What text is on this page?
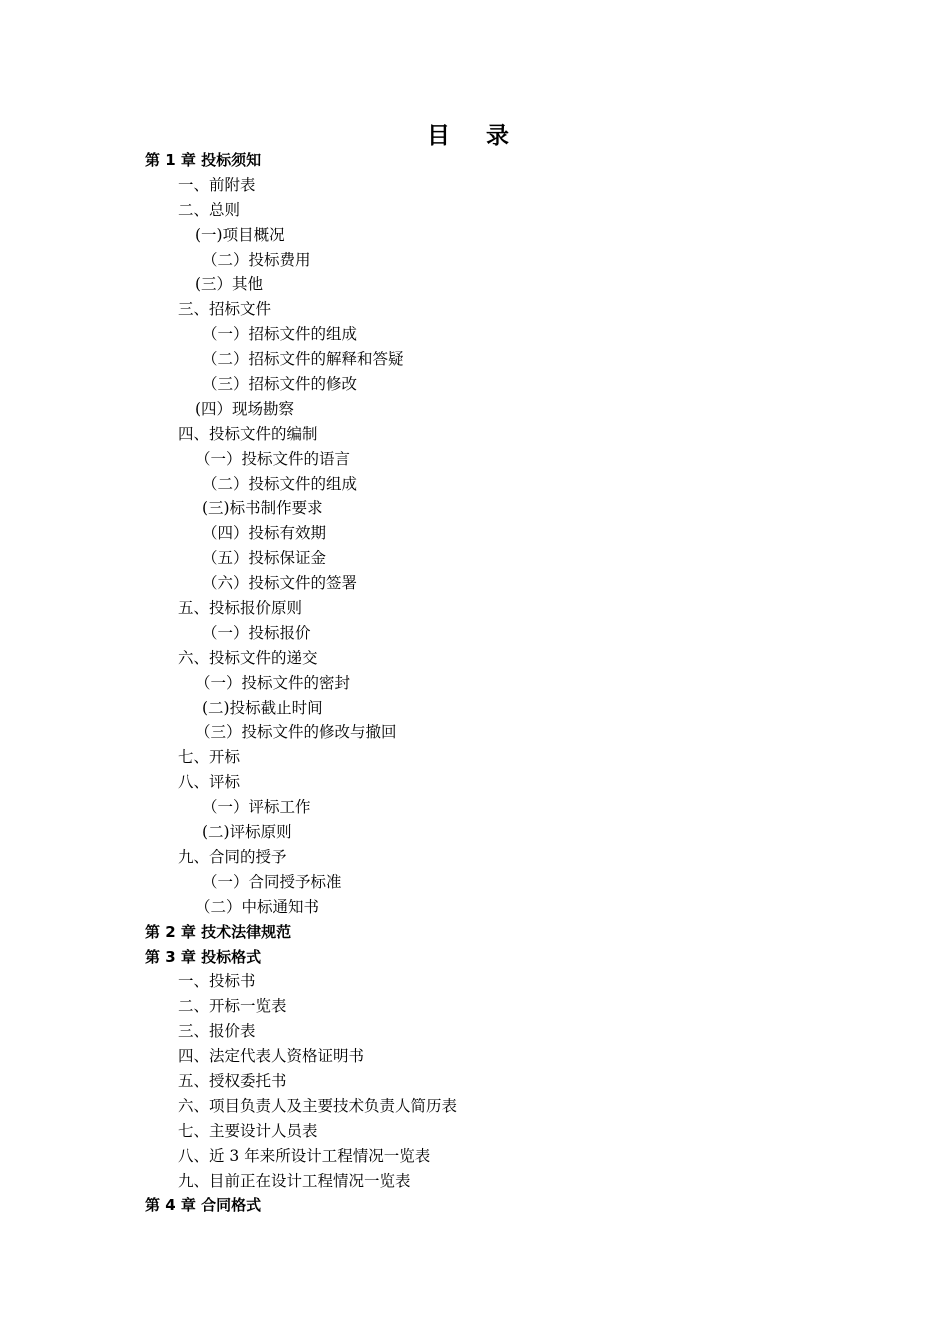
目 录
第 1 章 投标须知
一、前附表
二、总则
(一)项目概况
（二）投标费用
(三）其他
三、招标文件
（一）招标文件的组成
（二）招标文件的解释和答疑
（三）招标文件的修改
(四）现场勘察
四、投标文件的编制
（一）投标文件的语言
（二）投标文件的组成
(三)标书制作要求
（四）投标有效期
（五）投标保证金
（六）投标文件的签署
五、投标报价原则
（一）投标报价
六、投标文件的递交
（一）投标文件的密封
(二)投标截止时间
（三）投标文件的修改与撤回
七、开标
八、评标
（一）评标工作
(二)评标原则
九、合同的授予
（一）合同授予标准
（二）中标通知书
第 2 章 技术法律规范
第 3 章 投标格式
一、投标书
二、开标一览表
三、报价表
四、法定代表人资格证明书
五、授权委托书
六、项目负责人及主要技术负责人简历表
七、主要设计人员表
八、近 3 年来所设计工程情况一览表
九、目前正在设计工程情况一览表
第 4 章 合同格式
